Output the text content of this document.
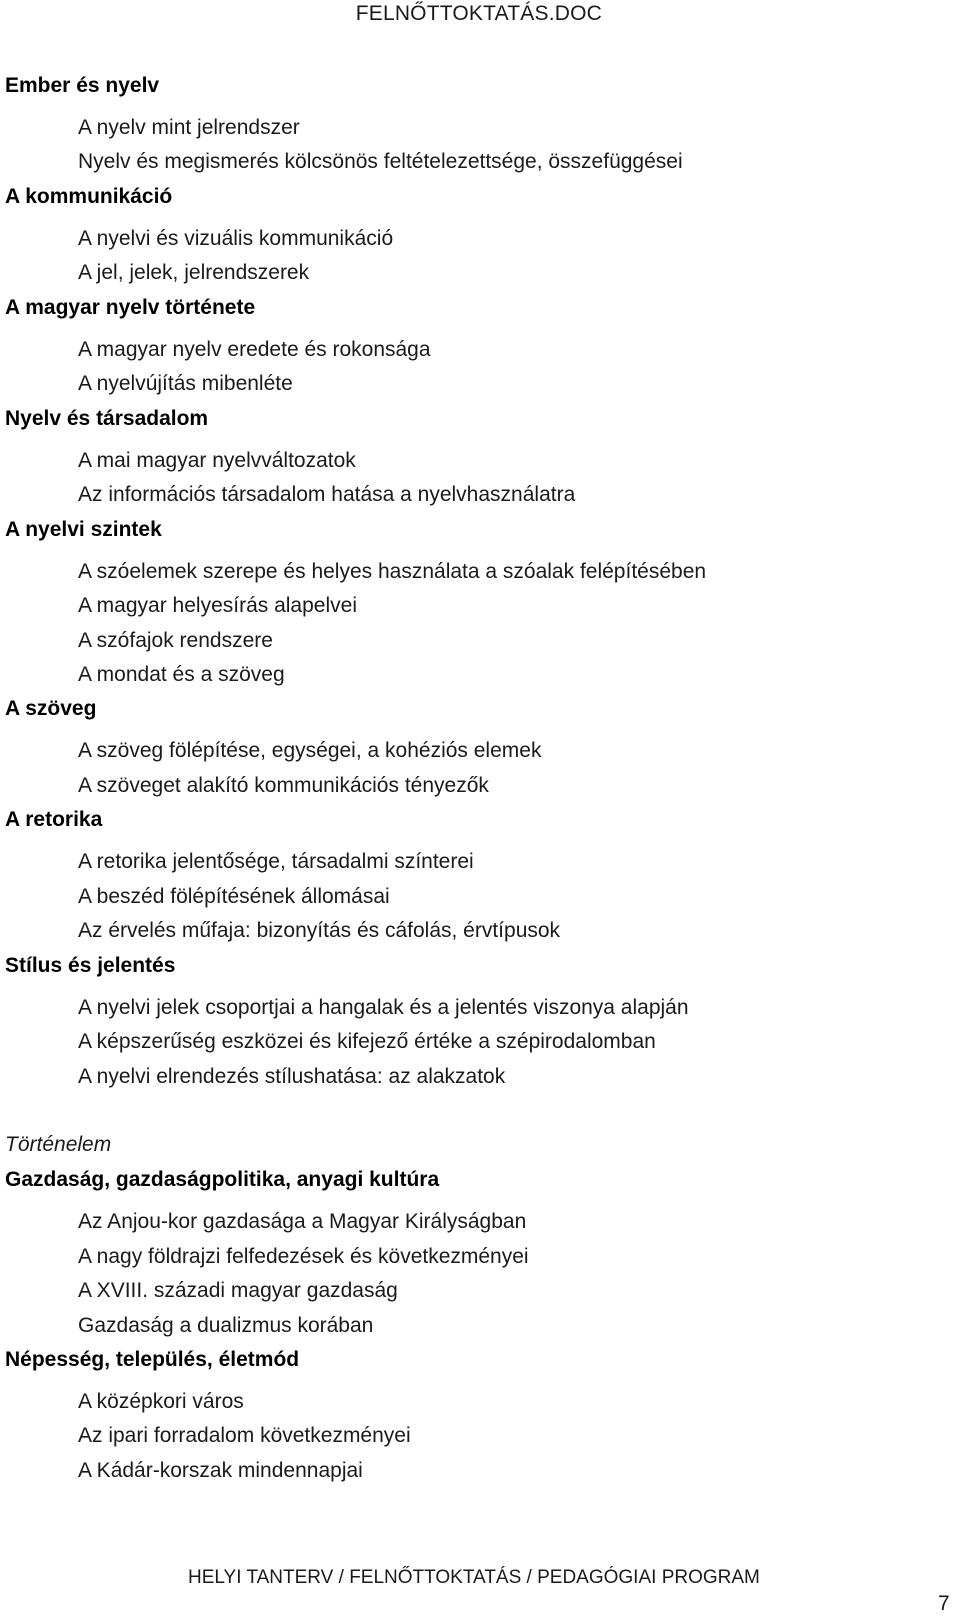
FELNŐTTOKTATÁS.DOC
Ember és nyelv
A nyelv mint jelrendszer
Nyelv és megismerés kölcsönös feltételezettsége, összefüggései
A kommunikáció
A nyelvi és vizuális kommunikáció
A jel, jelek, jelrendszerek
A magyar nyelv története
A magyar nyelv eredete és rokonsága
A nyelvújítás mibenléte
Nyelv és társadalom
A mai magyar nyelvváltozatok
Az információs társadalom hatása a nyelvhasználatra
A nyelvi szintek
A szóelemek szerepe és helyes használata a szóalak felépítésében
A magyar helyesírás alapelvei
A szófajok rendszere
A mondat és a szöveg
A szöveg
A szöveg fölépítése, egységei, a kohéziós elemek
A szöveget alakító kommunikációs tényezők
A retorika
A retorika jelentősége, társadalmi színterei
A beszéd fölépítésének állomásai
Az érvelés műfaja: bizonyítás és cáfolás, érvtípusok
Stílus és jelentés
A nyelvi jelek csoportjai a hangalak és a jelentés viszonya alapján
A képszerűség eszközei és kifejező értéke a szépirodalomban
A nyelvi elrendezés stílushatása: az alakzatok
Történelem
Gazdaság, gazdaságpolitika, anyagi kultúra
Az Anjou-kor gazdasága a Magyar Királyságban
A nagy földrajzi felfedezések és következményei
A XVIII. századi magyar gazdaság
Gazdaság a dualizmus korában
Népesség, település, életmód
A középkori város
Az ipari forradalom következményei
A Kádár-korszak mindennapjai
HELYI TANTERV / FELNŐTTOKTATÁS / PEDAGÓGIAI PROGRAM
7
